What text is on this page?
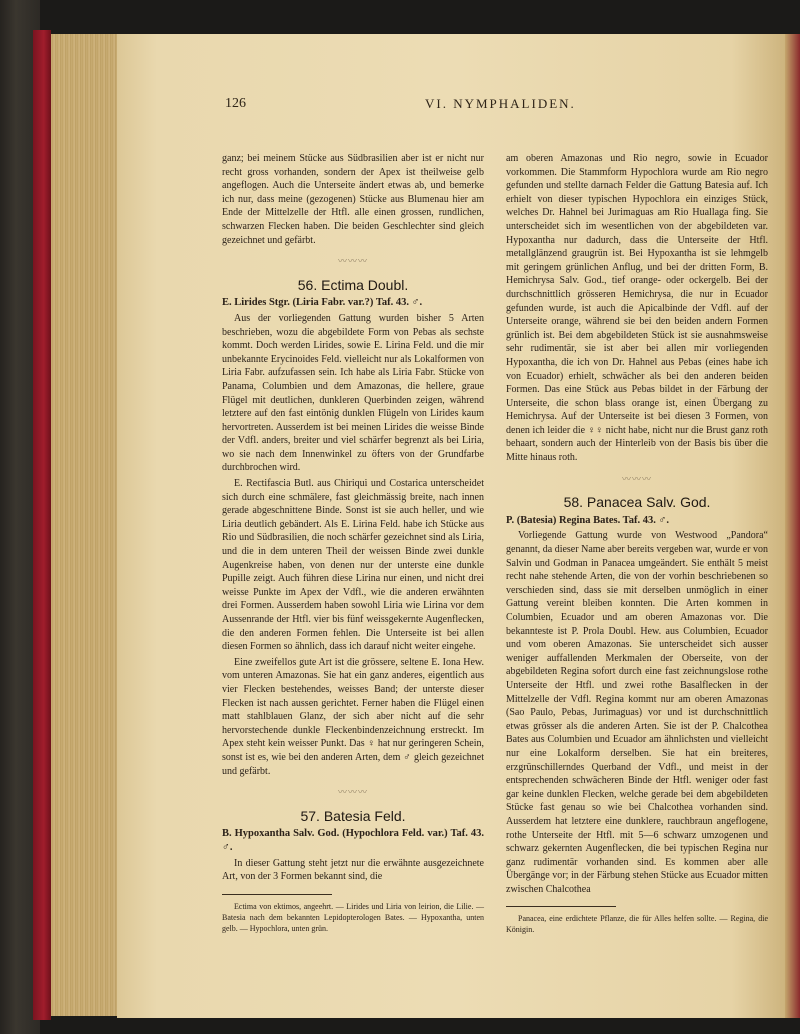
126	VI. NYMPHALIDEN.

ganz; bei meinem Stücke aus Südbrasilien aber ist er nicht nur recht gross vorhanden, sondern der Apex ist theilweise gelb angeflogen. Auch die Unterseite ändert etwas ab, und bemerke ich nur, dass meine (gezogenen) Stücke aus Blumenau hier am Ende der Mittelzelle der Htfl. alle einen grossen, rundlichen, schwarzen Flecken haben. Die beiden Geschlechter sind gleich gezeichnet und gefärbt.

〰〰〰
56. Ectima Doubl.

E. Lirides Stgr. (Liria Fabr. var.?) Taf. 43. ♂.

Aus der vorliegenden Gattung wurden bisher 5 Arten beschrieben, wozu die abgebildete Form von Pebas als sechste kommt. Doch werden Lirides, sowie E. Lirina Feld. und die mir unbekannte Erycinoides Feld. vielleicht nur als Lokalformen von Liria Fabr. aufzufassen sein. Ich habe als Liria Fabr. Stücke von Panama, Columbien und dem Amazonas, die hellere, graue Flügel mit deutlichen, dunkleren Querbinden zeigen, während letztere auf den fast eintönig dunklen Flügeln von Lirides kaum hervortreten. Ausserdem ist bei meinen Lirides die weisse Binde der Vdfl. anders, breiter und viel schärfer begrenzt als bei Liria, wo sie nach dem Innenwinkel zu öfters von der Grundfarbe durchbrochen wird.

E. Rectifascia Butl. aus Chiriqui und Costarica unterscheidet sich durch eine schmälere, fast gleichmässig breite, nach innen gerade abgeschnittene Binde. Sonst ist sie auch heller, und wie Liria deutlich gebändert. Als E. Lirina Feld. habe ich Stücke aus Rio und Südbrasilien, die noch schärfer gezeichnet sind als Liria, und die in dem unteren Theil der weissen Binde zwei dunkle Augenkreise haben, von denen nur der unterste eine dunkle Pupille zeigt. Auch führen diese Lirina nur einen, und nicht drei weisse Punkte im Apex der Vdfl., wie die anderen erwähnten drei Formen. Ausserdem haben sowohl Liria wie Lirina vor dem Aussenrande der Htfl. vier bis fünf weissgekernte Augenflecken, die den anderen Formen fehlen. Die Unterseite ist bei allen diesen Formen so ähnlich, dass ich darauf nicht weiter eingehe.

Eine zweifellos gute Art ist die grössere, seltene E. Iona Hew. vom unteren Amazonas. Sie hat ein ganz anderes, eigentlich aus vier Flecken bestehendes, weisses Band; der unterste dieser Flecken ist nach aussen gerichtet. Ferner haben die Flügel einen matt stahlblauen Glanz, der sich aber nicht auf die sehr hervorstechende dunkle Fleckenbindenzeichnung erstreckt. Im Apex steht kein weisser Punkt. Das ♀ hat nur geringeren Schein, sonst ist es, wie bei den anderen Arten, dem ♂ gleich gezeichnet und gefärbt.

〰〰〰
57. Batesia Feld.

B. Hypoxantha Salv. God. (Hypochlora Feld. var.) Taf. 43. ♂.

In dieser Gattung steht jetzt nur die erwähnte ausgezeichnete Art, von der 3 Formen bekannt sind, die

Ectima von ektimos, angeehrt. — Lirides und Liria von leirion, die Lilie. — Batesia nach dem bekannten Lepidopterologen Bates. — Hypoxantha, unten gelb. — Hypochlora, unten grün.

am oberen Amazonas und Rio negro, sowie in Ecuador vorkommen. Die Stammform Hypochlora wurde am Rio negro gefunden und stellte darnach Felder die Gattung Batesia auf. Ich erhielt von dieser typischen Hypochlora ein einziges Stück, welches Dr. Hahnel bei Jurimaguas am Rio Huallaga fing. Sie unterscheidet sich im wesentlichen von der abgebildeten var. Hypoxantha nur dadurch, dass die Unterseite der Htfl. metallglänzend graugrün ist. Bei Hypoxantha ist sie lehmgelb mit geringem grünlichen Anflug, und bei der dritten Form, B. Hemichrysa Salv. God., tief orange- oder ockergelb. Bei der durchschnittlich grösseren Hemichrysa, die nur in Ecuador gefunden wurde, ist auch die Apicalbinde der Vdfl. auf der Unterseite orange, während sie bei den beiden andern Formen grünlich ist. Bei dem abgebildeten Stück ist sie ausnahmsweise sehr rudimentär, sie ist aber bei allen mir vorliegenden Hypoxantha, die ich von Dr. Hahnel aus Pebas (eines habe ich von Ecuador) erhielt, schwächer als bei den anderen beiden Formen. Das eine Stück aus Pebas bildet in der Färbung der Unterseite, die schon blass orange ist, einen Übergang zu Hemichrysa. Auf der Unterseite ist bei diesen 3 Formen, von denen ich leider die ♀♀ nicht habe, nicht nur die Brust ganz roth behaart, sondern auch der Hinterleib von der Basis bis über die Mitte hinaus roth.

〰〰〰
58. Panacea Salv. God.

P. (Batesia) Regina Bates. Taf. 43. ♂.

Vorliegende Gattung wurde von Westwood „Pandora“ genannt, da dieser Name aber bereits vergeben war, wurde er von Salvin und Godman in Panacea umgeändert. Sie enthält 5 meist recht nahe stehende Arten, die von der vorhin beschriebenen so verschieden sind, dass sie mit derselben unmöglich in einer Gattung vereint bleiben konnten. Die Arten kommen in Columbien, Ecuador und am oberen Amazonas vor. Die bekannteste ist P. Prola Doubl. Hew. aus Columbien, Ecuador und vom oberen Amazonas. Sie unterscheidet sich ausser weniger auffallenden Merkmalen der Oberseite, von der abgebildeten Regina sofort durch eine fast zeichnungslose rothe Unterseite der Htfl. und zwei rothe Basalflecken in der Mittelzelle der Vdfl. Regina kommt nur am oberen Amazonas (Sao Paulo, Pebas, Jurimaguas) vor und ist durchschnittlich etwas grösser als die anderen Arten. Sie ist der P. Chalcothea Bates aus Columbien und Ecuador am ähnlichsten und vielleicht nur eine Lokalform derselben. Sie hat ein breiteres, erzgrünschillerndes Querband der Vdfl., und meist in der entsprechenden schwächeren Binde der Htfl. weniger oder fast gar keine dunklen Flecken, welche gerade bei dem abgebildeten Stücke fast genau so wie bei Chalcothea vorhanden sind. Ausserdem hat letztere eine dunklere, rauchbraun angeflogene, rothe Unterseite der Htfl. mit 5—6 schwarz umzogenen und schwarz gekernten Augenflecken, die bei typischen Regina nur ganz rudimentär vorhanden sind. Es kommen aber alle Übergänge vor; in der Färbung stehen Stücke aus Ecuador mitten zwischen Chalcothea

Panacea, eine erdichtete Pflanze, die für Alles helfen sollte. — Regina, die Königin.
